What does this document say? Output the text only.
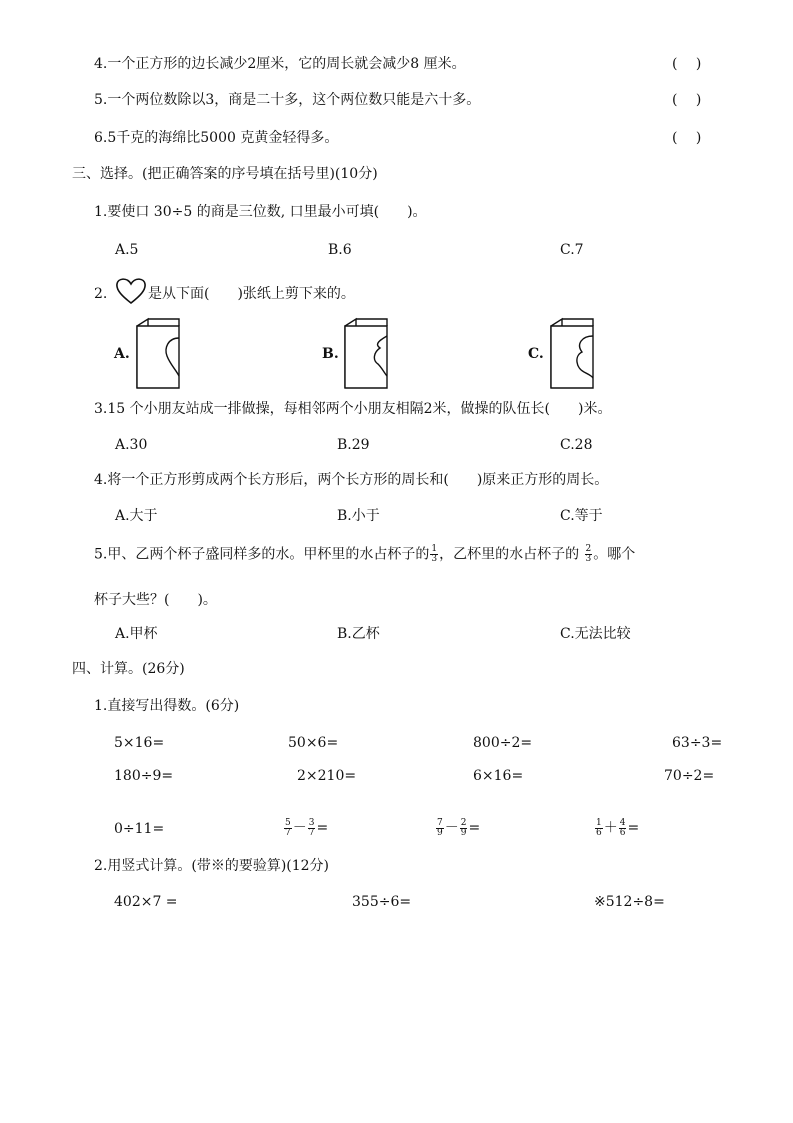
4.一个正方形的边长减少2厘米，它的周长就会减少8 厘米。	(　 )
5.一个两位数除以3，商是二十多，这个两位数只能是六十多。	(　 )
6.5千克的海绵比5000 克黄金轻得多。	(　 )
三、选择。(把正确答案的序号填在括号里)(10分)
1.要使口 30÷5 的商是三位数, 口里最小可填(　　)。
A.5	B.6	C.7
2.	是从下面(　　)张纸上剪下来的。
A.	B.	C.
3.15 个小朋友站成一排做操，每相邻两个小朋友相隔2米，做操的队伍长(　　)米。
A.30	B.29	C.28
4.将一个正方形剪成两个长方形后，两个长方形的周长和(　　)原来正方形的周长。
A.大于	B.小于	C.等于
5.甲、乙两个杯子盛同样多的水。甲杯里的水占杯子的 $\frac{1}{3}$ ，乙杯里的水占杯子的 $\frac{2}{3}$ 。哪个
杯子大些？(　　)。
A.甲杯	B.乙杯	C.无法比较
四、计算。(26分)
1.直接写出得数。(6分)
5×16=	50×6=	800÷2=	63÷3=
180÷9=	2×210=	6×16=	70÷2=
0÷11=	$\frac{5}{7} - \frac{3}{7}$ =	$\frac{7}{9} - \frac{2}{9}$ =	$\frac{1}{6} + \frac{4}{6}$ =
2.用竖式计算。(带※的要验算)(12分)
402×7 =	355÷6=	※512÷8=
